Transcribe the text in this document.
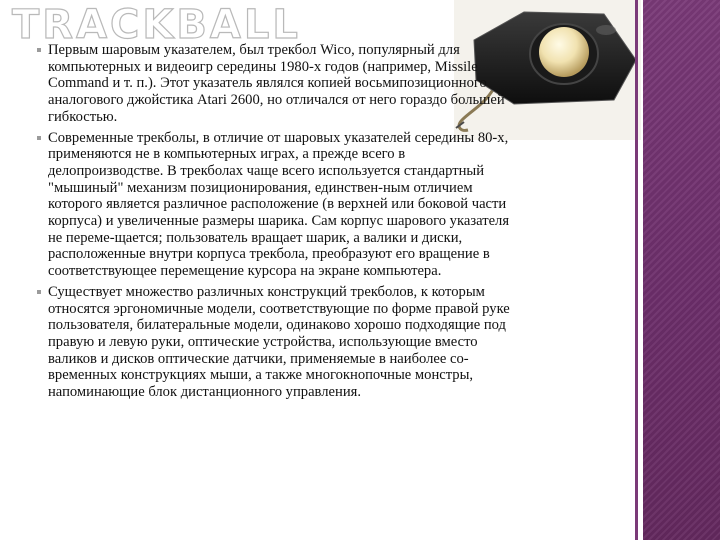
TRACKBALL

Первым шаровым указателем, был трекбол Wico, популярный для компьютерных и видеоигр середины 1980-х годов (например, Missile Command и т. п.). Этот указатель являлся копией восьмипозиционного аналогового джойстика Atari 2600, но отличался от него гораздо большей гибкостью.

Современные трекболы, в отличие от шаровых указателей середины 80-х, применяются не в компьютерных играх, а прежде всего в делопроизводстве. В трекболах чаще всего используется стандартный "мышиный" механизм позиционирования, единствен-ным отличием которого является различное расположение (в верхней или боковой части корпуса) и увеличенные размеры шарика. Сам корпус шарового указателя не переме-щается; пользователь вращает шарик, а валики и диски, расположенные внутри корпуса трекбола, преобразуют его вращение в соответствующее перемещение курсора на экране компьютера.

Существует множество различных конструкций трекболов, к которым относятся эргономичные модели, соответствующие по форме правой руке пользователя, билатеральные модели, одинаково хорошо подходящие под правую и левую руки, оптические устройства, использующие вместо валиков и дисков оптические датчики, применяемые в наиболее со-временных конструкциях мыши, а также многокнопочные монстры, напоминающие блок дистанционного управления.
